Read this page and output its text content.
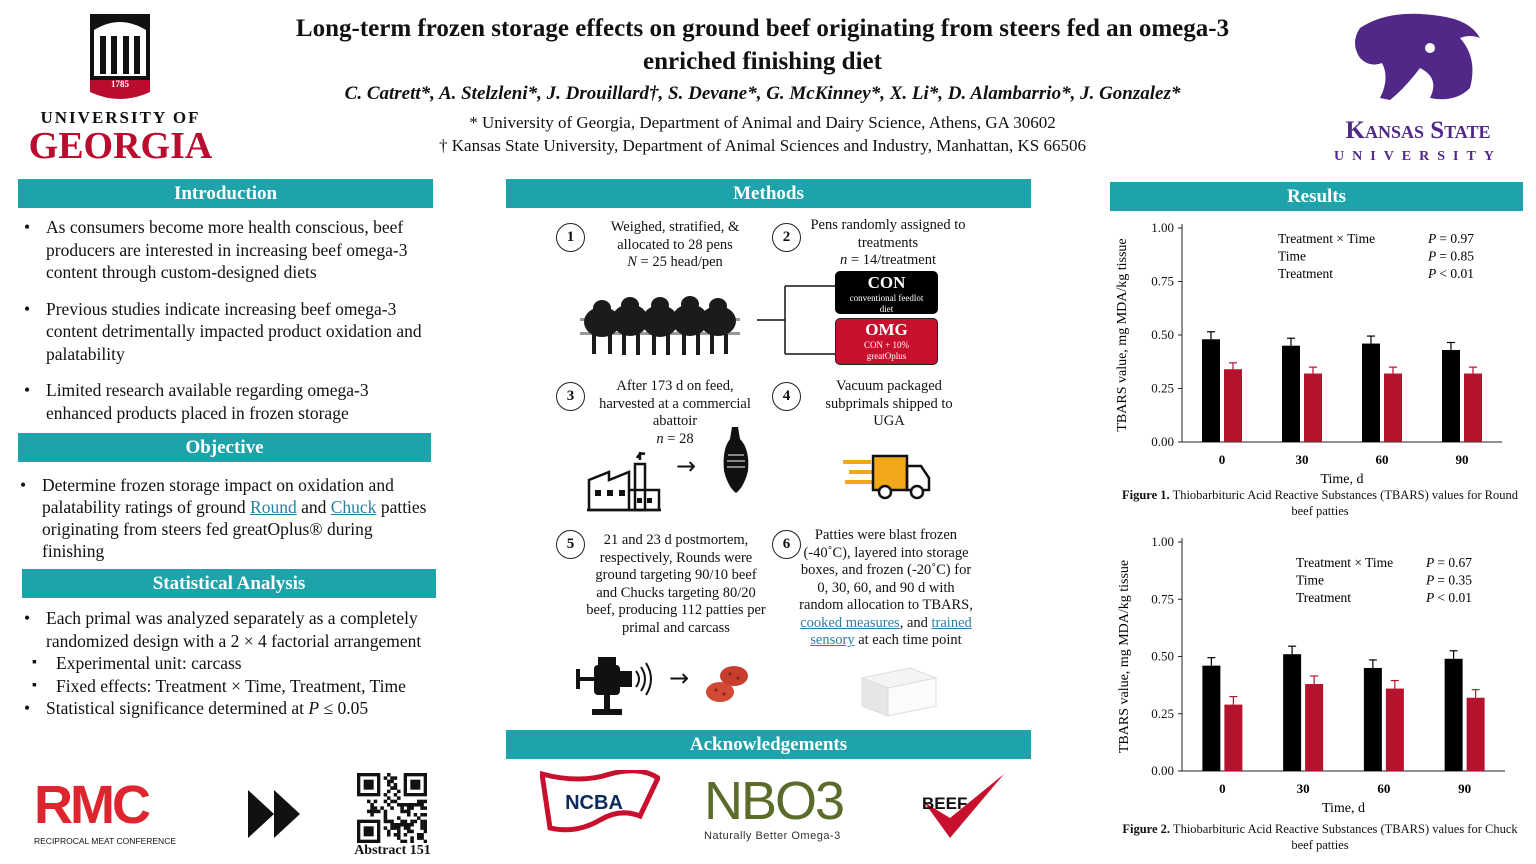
1785
UNIVERSITY OF
GEORGIA
Long-term frozen storage effects on ground beef originating from steers fed an omega-3
enriched finishing diet
C. Catrett*, A. Stelzleni*, J. Drouillard†, S. Devane*, G. McKinney*, X. Li*, D. Alambarrio*, J. Gonzalez*
* University of Georgia, Department of Animal and Dairy Science, Athens, GA 30602
† Kansas State University, Department of Animal Sciences and Industry, Manhattan, KS 66506
Kansas State
UNIVERSITY
Introduction
• As consumers become more health conscious, beef producers are interested in increasing beef omega-3 content through custom-designed diets
• Previous studies indicate increasing beef omega-3 content detrimentally impacted product oxidation and palatability
• Limited research available regarding omega-3 enhanced products placed in frozen storage
Objective
• Determine frozen storage impact on oxidation and palatability ratings of ground Round and Chuck patties originating from steers fed greatOplus® during finishing
Statistical Analysis
• Each primal was analyzed separately as a completely randomized design with a 2 × 4 factorial arrangement
▪ Experimental unit: carcass
▪ Fixed effects: Treatment × Time, Treatment, Time
• Statistical significance determined at P ≤ 0.05
RMC 2024
RECIPROCAL MEAT CONFERENCE
Abstract 151
Methods
1
Weighed, stratified, &
allocated to 28 pens
N = 25 head/pen
2
Pens randomly assigned to
treatments
n = 14/treatment
CON
conventional feedlot diet
OMG
CON + 10% greatOplus
3
After 173 d on feed,
harvested at a commercial
abattoir
n = 28
4
Vacuum packaged
subprimals shipped to
UGA
→
5	21 and 23 d postmortem, respectively, Rounds were ground targeting 90/10 beef and Chucks targeting 80/20 beef, producing 112 patties per primal and carcass
6
Patties were blast frozen (-40˚C), layered into storage boxes, and frozen (-20˚C) for 0, 30, 60, and 90 d with random allocation to TBARS, cooked measures, and trained sensory at each time point
→
Acknowledgements
NCBA NBO3
Naturally Better Omega-3
BEEF
Results
0.00
0.25
0.50
0.75
1.00
0	30	60	90
Time, d
TBARS value, mg MDA/kg tissue	Treatment × Time	P = 0.97
Time	P = 0.85
Treatment	P < 0.01
Figure 1. Thiobarbituric Acid Reactive Substances (TBARS) values for Round beef patties
0.00
0.25
0.50
0.75
1.00
0	30	60	90
Time, d
TBARS value, mg MDA/kg tissue	Treatment × Time P = 0.67
Time	P = 0.35
Treatment	P < 0.01
Figure 2. Thiobarbituric Acid Reactive Substances (TBARS) values for Chuck beef patties
